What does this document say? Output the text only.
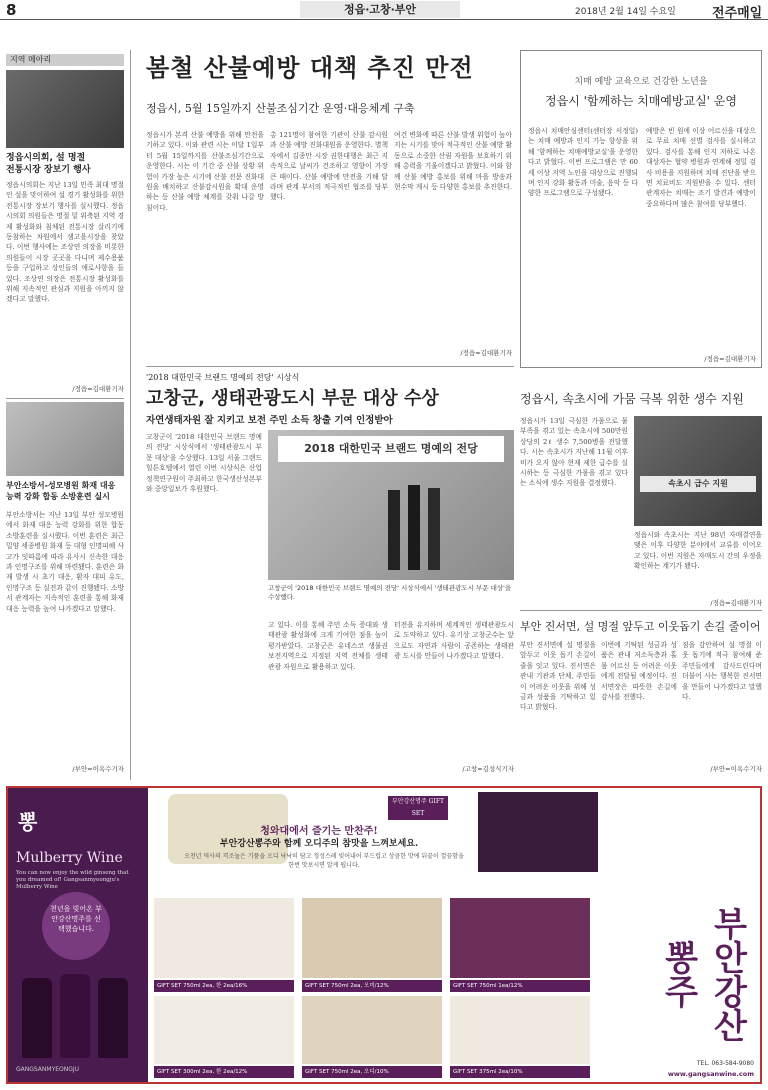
8	정읍·고창·부안	2018년 2월 14일 수요일	전주매일
지역 메아리
정읍시의회, 설 명절
전통시장 장보기 행사
정읍시의회는 지난 13일 민족 최대 명절인 설을 맞이하여 설 경기 활성화를 위한 전통시장 장보기 행사를 실시했다. 정읍시의회 의원들은 명절 밑 위축된 지역 경제 활성화와 침체된 전통시장 살리기에 동참하는 차원에서 샘고을시장을 찾았다. 이번 행사에는 조상연 의장을 비롯한 의원들이 시장 곳곳을 다니며 제수용품 등을 구입하고 상인들의 애로사항을 들었다. 조상연 의장은 전통시장 활성화를 위해 지속적인 관심과 지원을 아끼지 않겠다고 말했다.
/정읍=김대환기자
부안소방서-성모병원 화재 대응
능력 강화 합동 소방훈련 실시
부안소방서는 지난 13일 부안 성모병원에서 화재 대응 능력 강화를 위한 합동 소방훈련을 실시했다. 이번 훈련은 최근 밀양 세종병원 화재 등 대형 인명피해 사고가 잇따름에 따라 유사시 신속한 대응과 인명구조를 위해 마련됐다. 훈련은 화재 발생 시 초기 대응, 환자 대피 유도, 인명구조 등 실전과 같이 진행됐다. 소방서 관계자는 지속적인 훈련을 통해 화재 대응 능력을 높여 나가겠다고 말했다.
/부안=이옥수기자
봄철 산불예방 대책 추진 만전
정읍시, 5월 15일까지 산불조심기간 운영·대응체계 구축
정읍시가 본격 산불 예방을 위해 만전을 기하고 있다. 이와 관련 시는 이달 1일부터 5월 15일까지를 산불조심기간으로 운영한다. 시는 이 기간 중 산불 상황 위험이 가장 높은 시기에 산불 전문 진화대원을 배치하고 산불감시원을 확대 운영하는 등 산불 예방 체계를 갖춰 나갈 방침이다.
총 121명이 참여한 기관이 산불 감시원과 산불 예방 진화대원을 운영한다. 별책자에서 김종만 시장 권한대행은 최근 지속적으로 날씨가 건조하고 영향이 가장 큰 때이다. 산불 예방에 만전을 기해 달라며 관계 부서의 적극적인 협조를 당부했다.
여건 변화에 따른 산불 발생 위험이 높아지는 시기를 맞아 적극적인 산불 예방 활동으로 소중한 산림 자원을 보호하기 위해 총력을 기울이겠다고 밝혔다. 이와 함께 산불 예방 홍보를 위해 마을 방송과 현수막 게시 등 다양한 홍보를 추진한다.
/정읍=김대환기자
치매 예방 교육으로 건강한 노년을
정읍시 '함께하는 치매예방교실' 운영
정읍시 치매안심센터(센터장 서정일)는 치매 예방과 인지 기능 향상을 위해 '함께하는 치매예방교실'을 운영한다고 밝혔다. 이번 프로그램은 만 60세 이상 지역 노인을 대상으로 진행되며 인지 강화 활동과 미술, 음악 등 다양한 프로그램으로 구성됐다.
예방은 빈 원에 이상 어르신을 대상으로 무료 치매 선별 검사를 실시하고 있다. 검사를 통해 인지 저하로 나온 대상자는 협약 병원과 연계해 정밀 검사 비용을 지원하며 치매 진단을 받으면 치료비도 지원받을 수 있다. 센터 관계자는 치매는 조기 발견과 예방이 중요하다며 많은 참여를 당부했다.
/정읍=김대환기자
'2018 대한민국 브랜드 명예의 전당' 시상식
고창군, 생태관광도시 부문 대상 수상
자연생태자원 잘 지키고 보전 주민 소득 창출 기여 인정받아
고창군이 '2018 대한민국 브랜드 명예의 전당' 시상식에서 '생태관광도시 부문 대상'을 수상했다. 13일 서울 그랜드힐튼호텔에서 열린 이번 시상식은 산업정책연구원이 주최하고 한국생산성본부와 중앙일보가 후원했다.
2018 대한민국 브랜드 명예의 전당
고창군이 '2018 대한민국 브랜드 명예의 전당' 시상식에서 '생태관광도시 부문 대상'을 수상했다.
고 있다. 이를 통해 주민 소득 증대와 생태관광 활성화에 크게 기여한 점을 높이 평가받았다. 고창군은 유네스코 생물권보전지역으로 지정된 지역 전체를 생태관광 자원으로 활용하고 있다.
터전을 유지하며 세계적인 생태관광도시로 도약하고 있다. 유기상 고창군수는 앞으로도 자연과 사람이 공존하는 생태관광 도시를 만들어 나가겠다고 말했다.
/고창=김성식기자
정읍시, 속초시에 가뭄 극복 위한 생수 지원
정읍시가 13일 극심한 가뭄으로 물 부족을 겪고 있는 속초시에 500만원 상당의 2ℓ 생수 7,500병을 전달했다. 시는 속초시가 지난해 11월 이후 비가 오지 않아 현재 제한 급수를 실시하는 등 극심한 가뭄을 겪고 있다는 소식에 생수 지원을 결정했다.	속초시 급수 지원
정읍시와 속초시는 지난 98년 자매결연을 맺은 이후 다양한 분야에서 교류를 이어오고 있다. 이번 지원은 자매도시 간의 우정을 확인하는 계기가 됐다.
/정읍=김대환기자
부안 진서면, 설 명절 앞두고 이웃돕기 손길 줄이어
부안 진서면에 설 명절을 앞두고 이웃 돕기 손길이 줄을 잇고 있다. 진서면은 관내 기관과 단체, 주민들이 어려운 이웃을 위해 성금과 성품을 기탁하고 있다고 밝혔다.
이번에 기탁된 성금과 성품은 관내 저소득층과 홀몸 어르신 등 어려운 이웃에게 전달될 예정이다. 진서면장은 따뜻한 손길에 감사를 전했다.
점을 감안하여 설 명절 이웃 돕기에 적극 참여해 준 주민들에게 감사드린다며 더불어 사는 행복한 진서면을 만들어 나가겠다고 말했다.
/부안=이옥수기자
뽕
Mulberry Wine
You can now enjoy the wild ginseng that you dreamed of! Gangsanmyeongju's Mulberry Wine
천년을 빚어온 부안강산명주를 선택했습니다.
GANGSANMYEONGJU
부안강산명주 GIFT SET
청와대에서 즐기는 만찬주!
부안강산뽕주와 함께 오디주의 참맛을 느껴보세요.
오천년 역사의 격조높은 기품을 오디 낙낙히 담고 정성스레 빚어내어 부드럽고 상큼한 맛에 뒤끝이 깔끔함을 한번 맛보시면 알게 됩니다.
부안강산 뽕주
GIFT SET 750ml 2ea, 한 2ea/16%	GIFT SET 750ml 2ea, 오미/12%	GIFT SET 750ml 1ea/12%
GIFT SET 300ml 2ea, 한 2ea/12%	GIFT SET 750ml 2ea, 오디/10%	GIFT SET 375ml 2ea/10%
TEL. 063-584-9080
www.gangsanwine.com
